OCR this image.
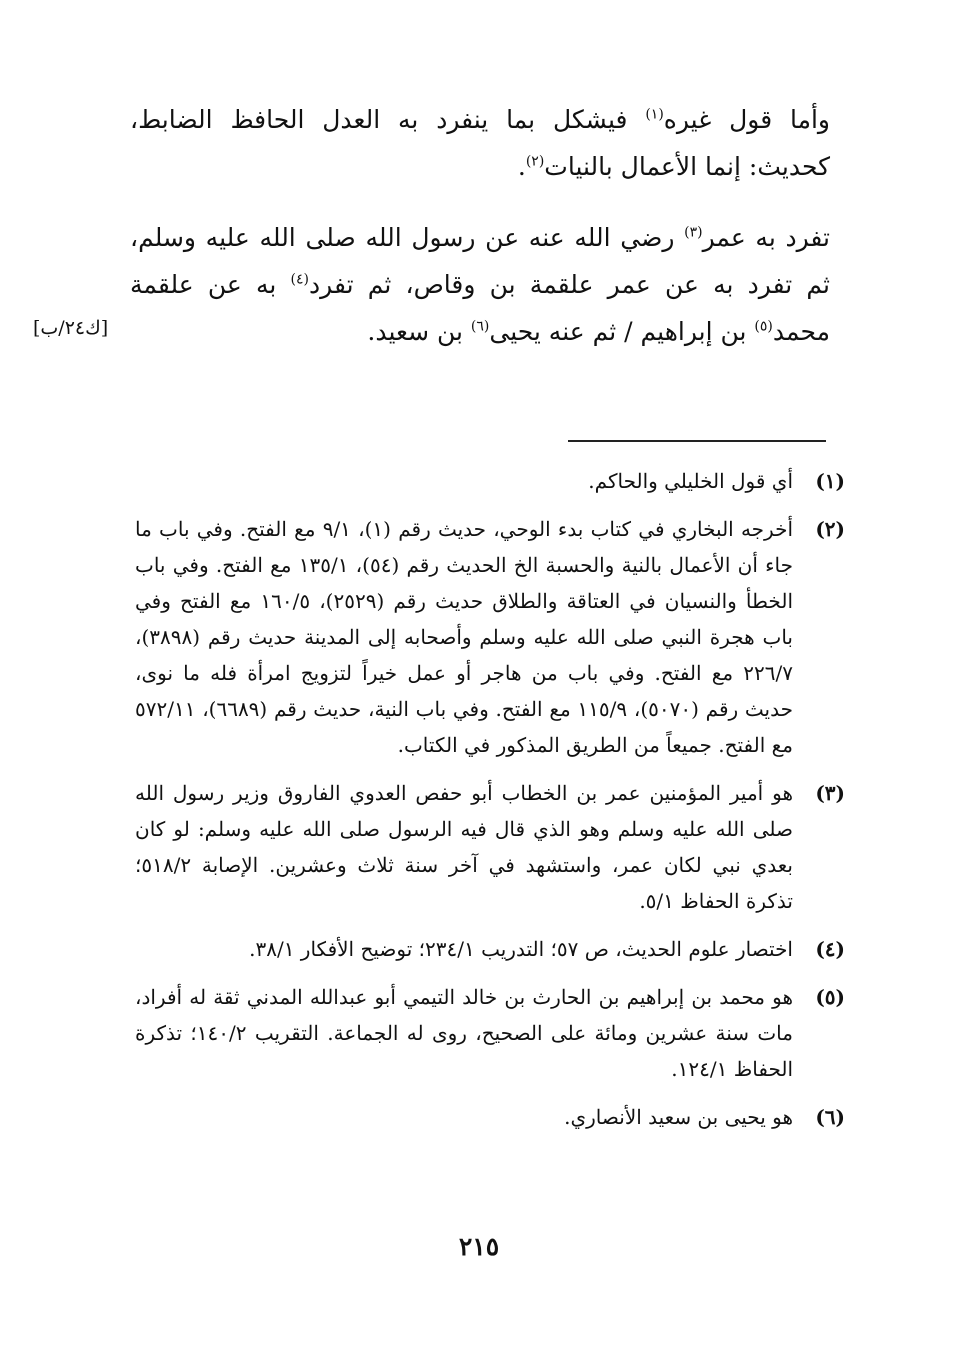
وأما قول غيره$^{(١)}$ فيشكل بما ينفرد به العدل الحافظ الضابط، كحديث: إنما الأعمال بالنيات$^{(٢)}$.

تفرد به عمر$^{(٣)}$ رضي الله عنه عن رسول الله صلى الله عليه وسلم، ثم تفرد به عن عمر علقمة بن وقاص، ثم تفرد$^{(٤)}$ به عن علقمة محمد$^{(٥)}$ بن إبراهيم / ثم عنه يحيى$^{(٦)}$ بن سعيد.

[ك٢٤/ب]

(١)
أي قول الخليلي والحاكم.

(٢)
أخرجه البخاري في كتاب بدء الوحي، حديث رقم (١)، ٩/١ مع الفتح. وفي باب ما جاء أن الأعمال بالنية والحسبة الخ الحديث رقم (٥٤)، ١٣٥/١ مع الفتح. وفي باب الخطأ والنسيان في العتاقة والطلاق حديث رقم (٢٥٢٩)، ١٦٠/٥ مع الفتح وفي باب هجرة النبي صلى الله عليه وسلم وأصحابه إلى المدينة حديث رقم (٣٨٩٨)، ٢٢٦/٧ مع الفتح. وفي باب من هاجر أو عمل خيراً لتزويج امرأة فله ما نوى، حديث رقم (٥٠٧٠)، ١١٥/٩ مع الفتح. وفي باب النية، حديث رقم (٦٦٨٩)، ٥٧٢/١١ مع الفتح. جميعاً من الطريق المذكور في الكتاب.

(٣)
هو أمير المؤمنين عمر بن الخطاب أبو حفص العدوي الفاروق وزير رسول الله صلى الله عليه وسلم وهو الذي قال فيه الرسول صلى الله عليه وسلم: لو كان بعدي نبي لكان عمر، واستشهد في آخر سنة ثلاث وعشرين. الإصابة ٥١٨/٢؛ تذكرة الحفاظ ٥/١.

(٤)
اختصار علوم الحديث، ص ٥٧؛ التدريب ٢٣٤/١؛ توضيح الأفكار ٣٨/١.

(٥)
هو محمد بن إبراهيم بن الحارث بن خالد التيمي أبو عبدالله المدني ثقة له أفراد، مات سنة عشرين ومائة على الصحيح، روى له الجماعة. التقريب ١٤٠/٢؛ تذكرة الحفاظ ١٢٤/١.

(٦)
هو يحيى بن سعيد الأنصاري.

٢١٥
